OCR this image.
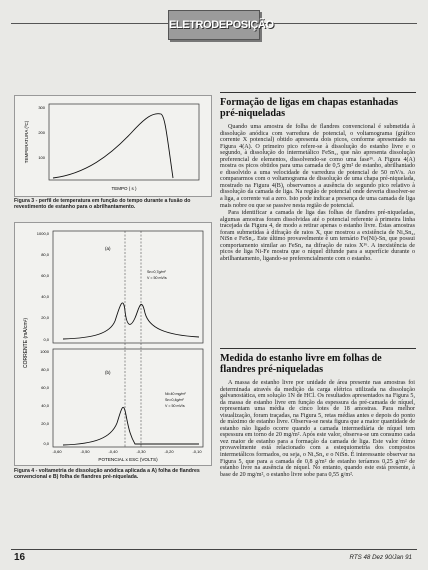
ELETRODEPOSIÇÃO
300
200
100
TEMPERATURA (ºC)
TEMPO ( s )
Figura 3 - perfil de temperatura em função do tempo durante a fusão do revestimento de estanho para o abrilhantamento.
1000,0
80,0
60,0
40,0
20,0
0,0
1000
80,0
60,0
40,0
20,0
0,0
CORRENTE (mA/cm²)
-0,60	-0,50	-0,40	-0,30	-0,20	-0,10
POTENCIAL x ESC (VOLTS)
(a)
(b)
Sn=0,7g/m²
V = 50 mV/s
Ni=40 mg/m²
Sn=0,4g/m²
V = 50 mV/s
Figura 4 - voltametria de dissolução anódica aplicada a A) folha de flandres convencional e B) folha de flandres pré-niquelada.
Formação de ligas em chapas estanhadas pré-niqueladas

Quando uma amostra de folha de flandres convencional é submetida à dissolução anódica com varredura de potencial, o voltamograma (gráfico corrente X potencial) obtido apresenta dois picos, conforme apresentado na Figura 4(A). O primeiro pico refere-se à dissolução do estanho livre e o segundo, à dissolução do intermetálico FeSn₂, que não apresenta dissolução preferencial de elementos, dissolvendo-se como uma fase¹⁶. A Figura 4(A) mostra os picos obtidos para uma camada de 0,5 g/m² de estanho, abrilhantado e dissolvido a uma velocidade de varredura de potencial de 50 mV/s. Ao compararmos com o voltamograma de dissolução de uma chapa pré-niquelada, mostrado na Figura 4(B), observamos a ausência do segundo pico relativo à dissolução da camada de liga. Na região de potencial onde deveria dissolver-se a liga, a corrente vai a zero. Isto pode indicar a presença de uma camada de liga mais nobre ou que se passive nesta região de potencial.

Para identificar a camada de liga das folhas de flandres pré-niqueladas, algumas amostras foram dissolvidas até o potencial referente à primeira linha tracejada da Figura 4, de modo a retirar apenas o estanho livre. Estas amostras foram submetidas à difração de raios X, que mostrou a existência de Ni₃Sn₄, NiSn e FeSn₂. Este último provavelmente é um ternário Fe(Ni)-Sn, que possui comportamento similar ao FeSn₂ na difração de raios X¹⁶. A inexistência de picos de liga Ni-Fe mostra que o níquel difunde para a superfície durante o abrilhantamento, ligando-se preferencialmente com o estanho.

Medida do estanho livre em folhas de flandres pré-niqueladas

A massa de estanho livre por unidade de área presente nas amostras foi determinada através da medição da carga elétrica utilizada na dissolução galvanostática, em solução 1N de HCl. Os resultados apresentados na Figura 5, da massa de estanho livre em função da espessura da pré-camada de níquel, representam uma média de cinco lotes de 18 amostras. Para melhor visualização, foram traçadas, na Figura 5, retas médias antes e depois do ponto de máximo de estanho livre. Observa-se nesta figura que a maior quantidade de estanho não ligado ocorre quando a camada intermediária de níquel tem espessura em torno de 20 mg/m². Após este valor, observa-se um consumo cada vez maior de estanho para a formação da camada de liga. Este valor ótimo provavelmente está relacionado com a estequiometria dos compostos intermetálicos formados, ou seja, o Ni₃Sn₄ e o NiSn. É interessante observar na Figura 5, que para a camada de 0,8 g/m² de estanho teríamos 0,25 g/m² de estanho livre na ausência de níquel. No entanto, quando este está presente, à base de 20 mg/m², o estanho livre sobe para 0,55 g/m².

16	RTS 48 Dez 90/Jan 91
